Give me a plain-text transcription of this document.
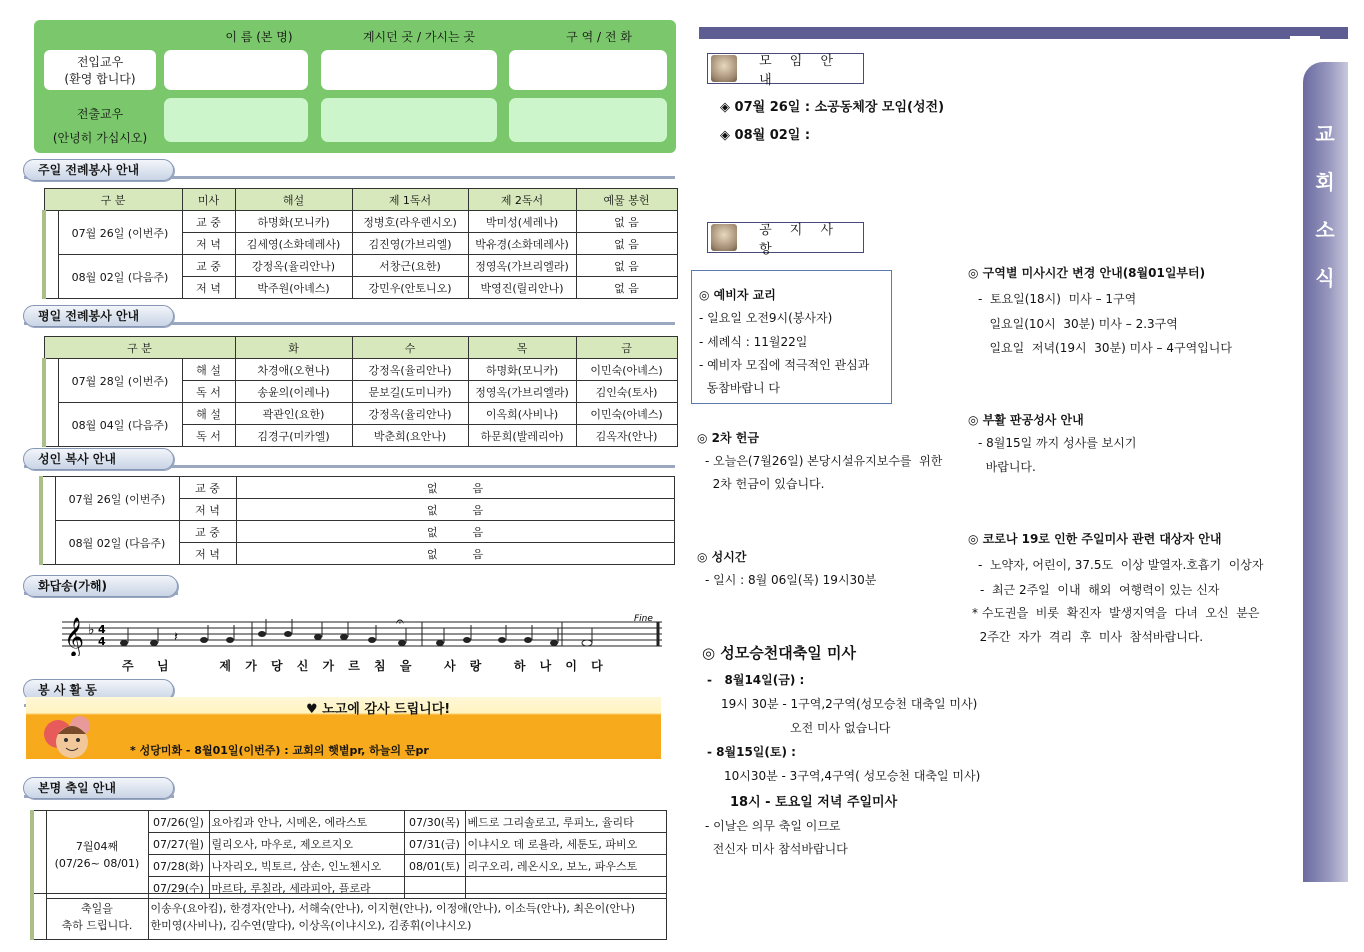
이 름 (본 명)	계시던 곳 / 가시는 곳	구 역 / 전 화
전입교우
(환영 합니다)
전출교우
(안녕히 가십시오)
주일 전례봉사 안내
구 분		미사	해설	제 1독서	제 2독서	예물 봉헌
	07월 26일 (이번주)	교 중	하명화(모니카)	정병호(라우렌시오)	박미성(세레나)	없 음
		저 녁	김세영(소화데레사)	김진영(가브리엘)	박유경(소화데레사)	없 음
	08월 02일 (다음주)	교 중	강정옥(율리안나)	서창근(요한)	정영옥(가브리엘라)	없 음
		저 녁	박주원(아녜스)	강민우(안토니오)	박영진(릴리안나)	없 음
평일 전례봉사 안내
구 분			화	수	목	금
	07월 28일 (이번주)	해 설	차경애(오현나)	강정옥(율리안나)	하명화(모니카)	이민숙(아녜스)
		독 서	송윤의(이레나)	문보길(도미니카)	정영옥(가브리엘라)	김인숙(토사)
	08월 04일 (다음주)	해 설	곽관인(요한)	강정옥(율리안나)	이옥희(사비나)	이민숙(아녜스)
		독 서	김경구(미카엘)	박춘희(요안나)	하문희(발레리아)	김옥자(안나)
성인 복사 안내
	07월 26일 (이번주)	교 중	없          음
		저 녁	없          음
	08월 02일 (다음주)	교 중	없          음
		저 녁	없          음
화답송(가해)
𝄞 ♭ 4
4	𝄽
𝄐	Fine
주  님     제 가 당 신 가 르 침 을   사 랑   하 나 이 다
봉 사 활 동
♥ 노고에 감사 드립니다!
* 성당미화 - 8월01일(이번주) : 교회의 햇볕pr, 하늘의 문pr
본명 축일 안내

	7월04째
(07/26~ 08/01)	07/26(일)	요아킴과 안나, 시메온, 에라스토	07/30(목)	베드로 그리솔로고, 루피노, 율리타
		07/27(월)	릴리오사, 마우로, 제오르지오	07/31(금)	이냐시오 데 로욜라, 세툰도, 파비오
		07/28(화)	나자리오, 빅토르, 삼손, 인노첸시오	08/01(토)	리구오리, 레온시오, 보노, 파우스토
		07/29(수)	마르타, 루칠라, 세라피아, 플로라		

축일을
축하 드립니다.

이송우(요아킴), 한경자(안나), 서해숙(안나), 이지현(안나), 이정애(안나), 이소득(안나), 최은이(안나)
한미영(사비나), 김수연(말다), 이상옥(이냐시오), 김종휘(이냐시오)
교
회
소
식
모 임 안 내
◈ 07월 26일 : 소공동체장 모임(성전)
◈ 08월 02일 :
공 지 사 항
◎ 예비자 교리
- 일요일 오전9시(봉사자)
- 세례식 : 11월22일
- 예비자 모집에 적극적인 관심과
동참바랍니 다
◎ 2차 헌금
- 오늘은(7월26일) 본당시설유지보수를  위한
2차 헌금이 있습니다.
◎ 성시간
- 일시 : 8월 06일(목) 19시30분
◎ 구역별 미사시간 변경 안내(8월01일부터)
-  토요일(18시)  미사 – 1구역
일요일(10시  30분) 미사 – 2.3구역
일요일  저녁(19시  30분) 미사 – 4구역입니다
◎ 부활 판공성사 안내
- 8월15일 까지 성사를 보시기
바랍니다.
◎ 코로나 19로 인한 주일미사 관련 대상자 안내
-  노약자, 어린이, 37.5도  이상 발열자.호흡기  이상자
-  최근 2주일  이내  해외  여행력이 있는 신자
* 수도권을  비롯  확진자  발생지역을  다녀  오신  분은
2주간  자가  격리  후  미사  참석바랍니다.
◎ 성모승천대축일 미사
-   8월14일(금) :
19시 30분 - 1구역,2구역(성모승천 대축일 미사)
오전 미사 없습니다
- 8월15일(토) :
10시30분 - 3구역,4구역( 성모승천 대축일 미사)
18시 - 토요일 저녁 주일미사
- 이날은 의무 축일 이므로
전신자 미사 참석바랍니다
